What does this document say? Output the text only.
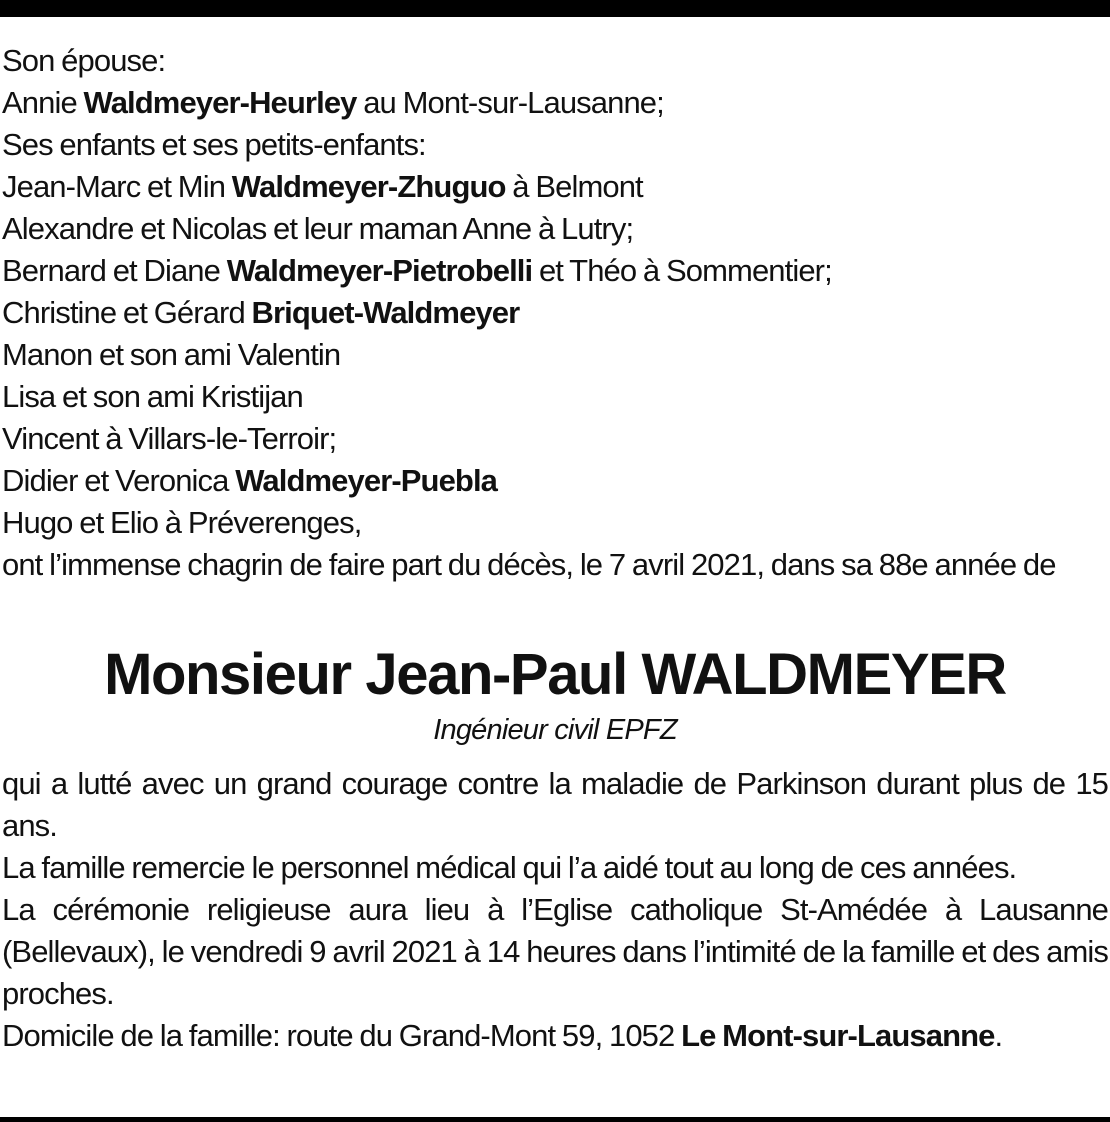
Son épouse:
Annie Waldmeyer-Heurley au Mont-sur-Lausanne;
Ses enfants et ses petits-enfants:
Jean-Marc et Min Waldmeyer-Zhuguo à Belmont
Alexandre et Nicolas et leur maman Anne à Lutry;
Bernard et Diane Waldmeyer-Pietrobelli et Théo à Sommentier;
Christine et Gérard Briquet-Waldmeyer
Manon et son ami Valentin
Lisa et son ami Kristijan
Vincent à Villars-le-Terroir;
Didier et Veronica Waldmeyer-Puebla
Hugo et Elio à Préverenges,
ont l’immense chagrin de faire part du décès, le 7 avril 2021, dans sa 88e année de
Monsieur Jean-Paul WALDMEYER
Ingénieur civil EPFZ
qui a lutté avec un grand courage contre la maladie de Parkinson durant plus de 15 ans.
La famille remercie le personnel médical qui l’a aidé tout au long de ces années.
La cérémonie religieuse aura lieu à l’Eglise catholique St-Amédée à Lausanne (Bellevaux), le vendredi 9 avril 2021 à 14 heures dans l’intimité de la famille et des amis proches.
Domicile de la famille: route du Grand-Mont 59, 1052 Le Mont-sur-Lausanne.
